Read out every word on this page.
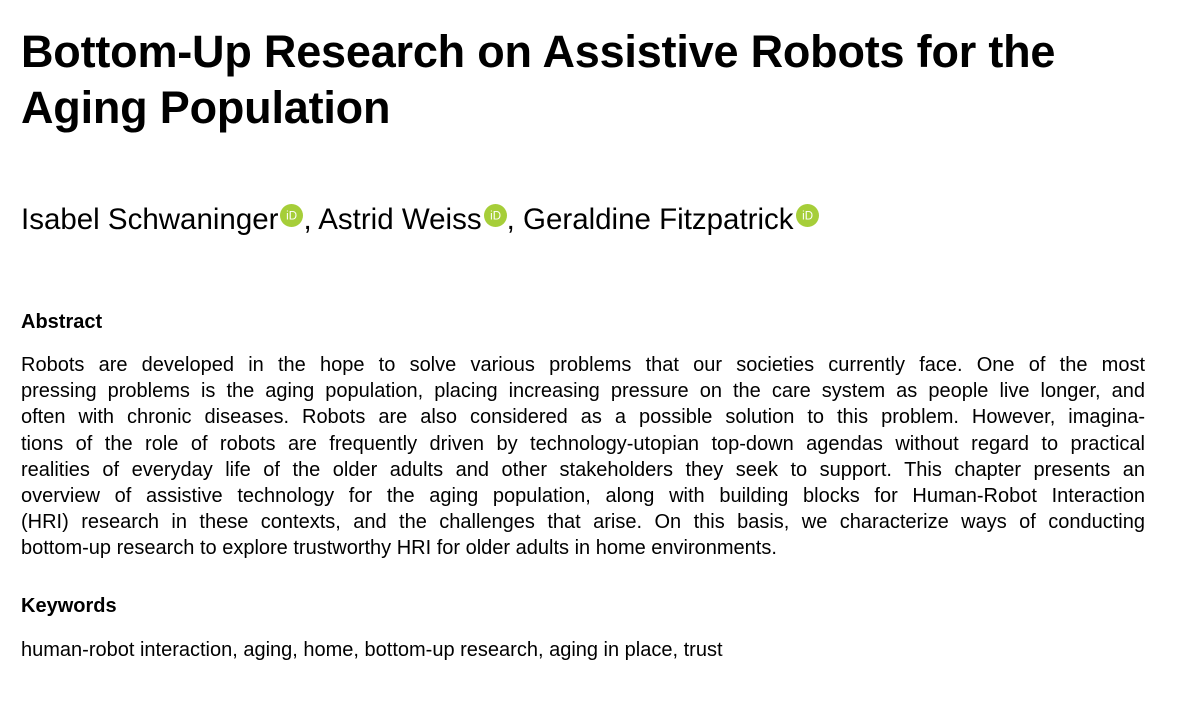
Bottom-Up Research on Assistive Robots for the Aging Population
Isabel Schwaninger iD , Astrid Weiss iD , Geraldine Fitzpatrick iD
Abstract
Robots are developed in the hope to solve various problems that our societies currently face. One of the most
pressing problems is the aging population, placing increasing pressure on the care system as people live longer, and
often with chronic diseases. Robots are also considered as a possible solution to this problem. However, imagina-
tions of the role of robots are frequently driven by technology-utopian top-down agendas without regard to practical
realities of everyday life of the older adults and other stakeholders they seek to support. This chapter presents an
overview of assistive technology for the aging population, along with building blocks for Human-Robot Interaction
(HRI) research in these contexts, and the challenges that arise. On this basis, we characterize ways of conducting
bottom-up research to explore trustworthy HRI for older adults in home environments.
Keywords

human-robot interaction, aging, home, bottom-up research, aging in place, trust
